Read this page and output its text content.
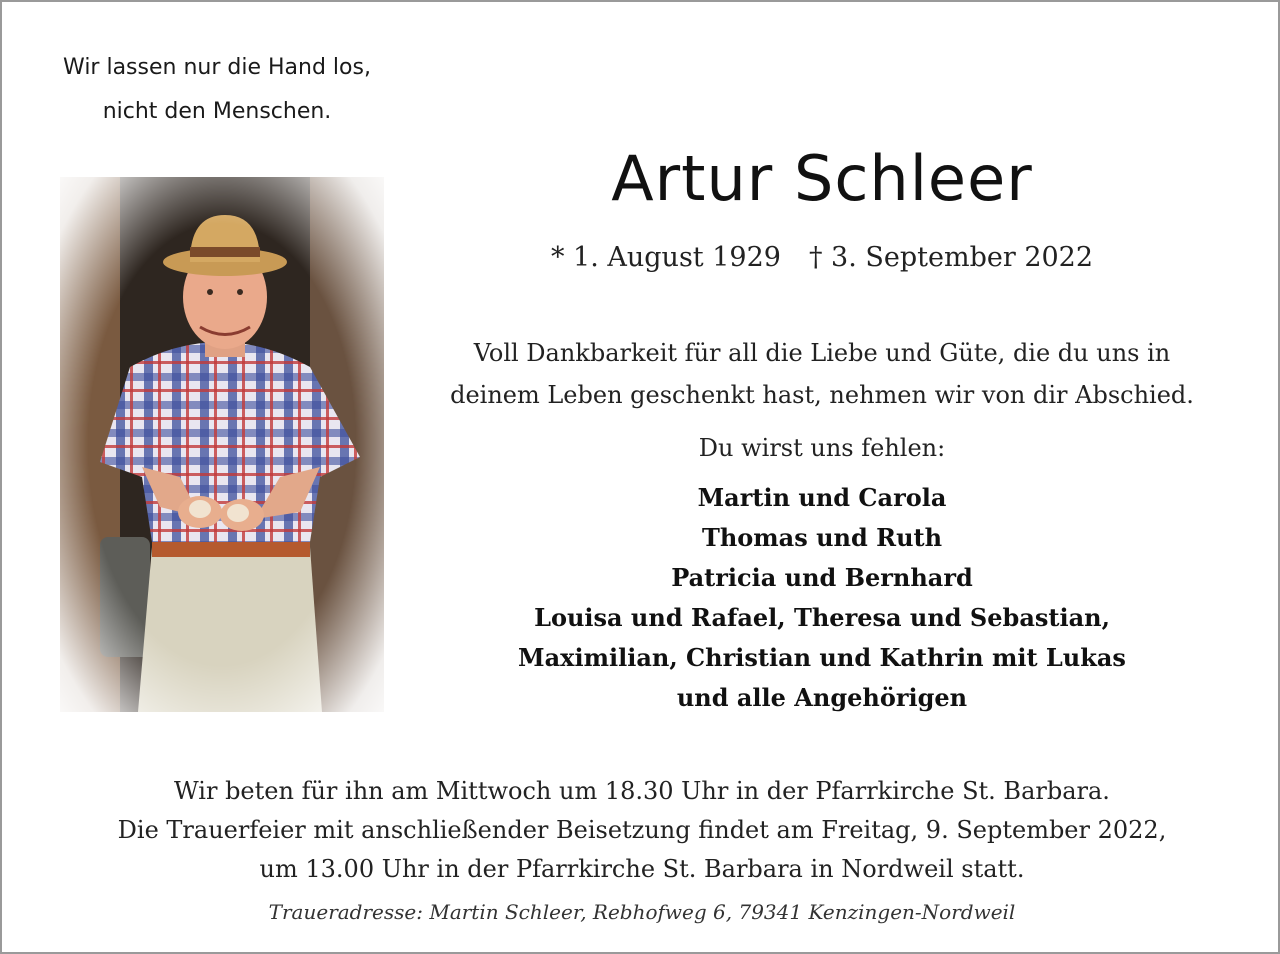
Wir lassen nur die Hand los,
nicht den Menschen.
Artur Schleer
* 1. August 1929 † 3. September 2022
Voll Dankbarkeit für all die Liebe und Güte, die du uns in
deinem Leben geschenkt hast, nehmen wir von dir Abschied.
Du wirst uns fehlen:
Martin und Carola
Thomas und Ruth
Patricia und Bernhard
Louisa und Rafael, Theresa und Sebastian,
Maximilian, Christian und Kathrin mit Lukas
und alle Angehörigen
Wir beten für ihn am Mittwoch um 18.30 Uhr in der Pfarrkirche St. Barbara.
Die Trauerfeier mit anschließender Beisetzung findet am Freitag, 9. September 2022,
um 13.00 Uhr in der Pfarrkirche St. Barbara in Nordweil statt.
Traueradresse: Martin Schleer, Rebhofweg 6, 79341 Kenzingen-Nordweil
